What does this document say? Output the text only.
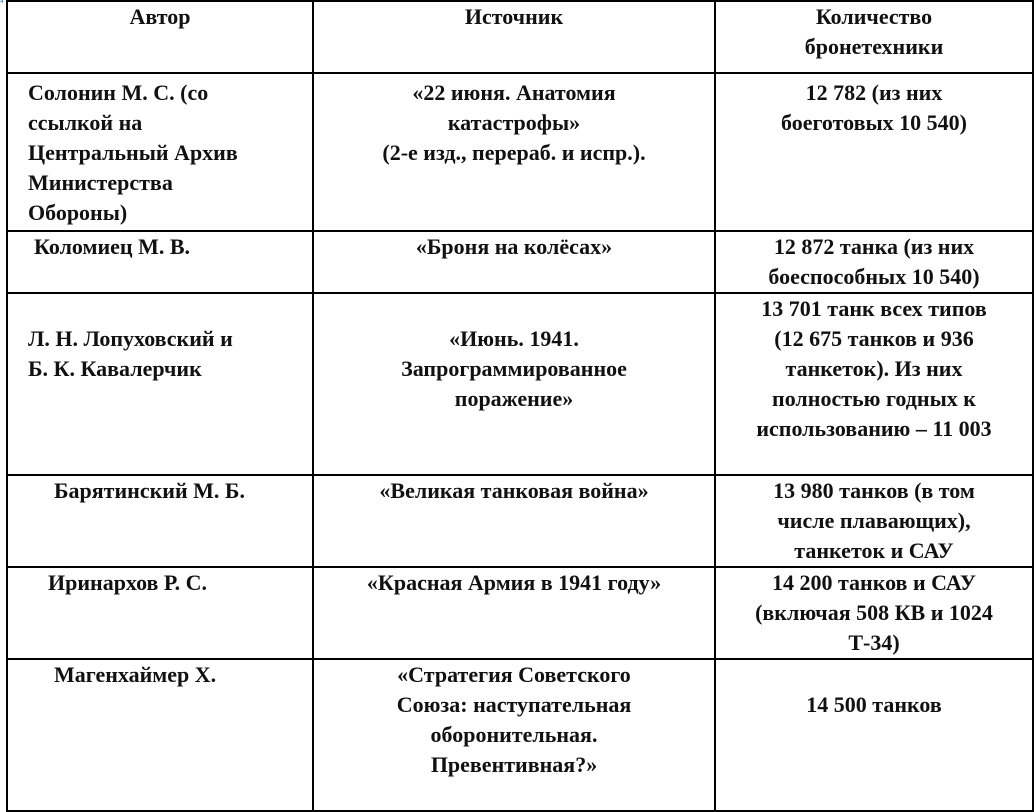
⁴	Автор	Источник	Количество
бронетехники

Солонин М. С. (со
ссылкой на
Центральный Архив
Министерства
Обороны)	«22 июня. Анатомия
катастрофы»
(2-е изд., перераб. и испр.).	12 782 (из них
боеготовых 10 540)

Коломиец М. В.	«Броня на колёсах»	12 872 танка (из них
боеспособных 10 540)

Л. Н. Лопуховский и
Б. К. Кавалерчик	«Июнь. 1941.
Запрограммированное
поражение»	13 701 танк всех типов
(12 675 танков и 936
танкеток). Из них
полностью годных к
использованию – 11 003

Барятинский М. Б.	«Великая танковая война»	13 980 танков (в том
числе плавающих),
танкеток и САУ

Иринархов Р. С.	«Красная Армия в 1941 году»	14 200 танков и САУ
(включая 508 КВ и 1024
Т-34)

Магенхаймер Х.	«Стратегия Советского
Союза: наступательная
оборонительная.
Превентивная?»	14 500 танков
